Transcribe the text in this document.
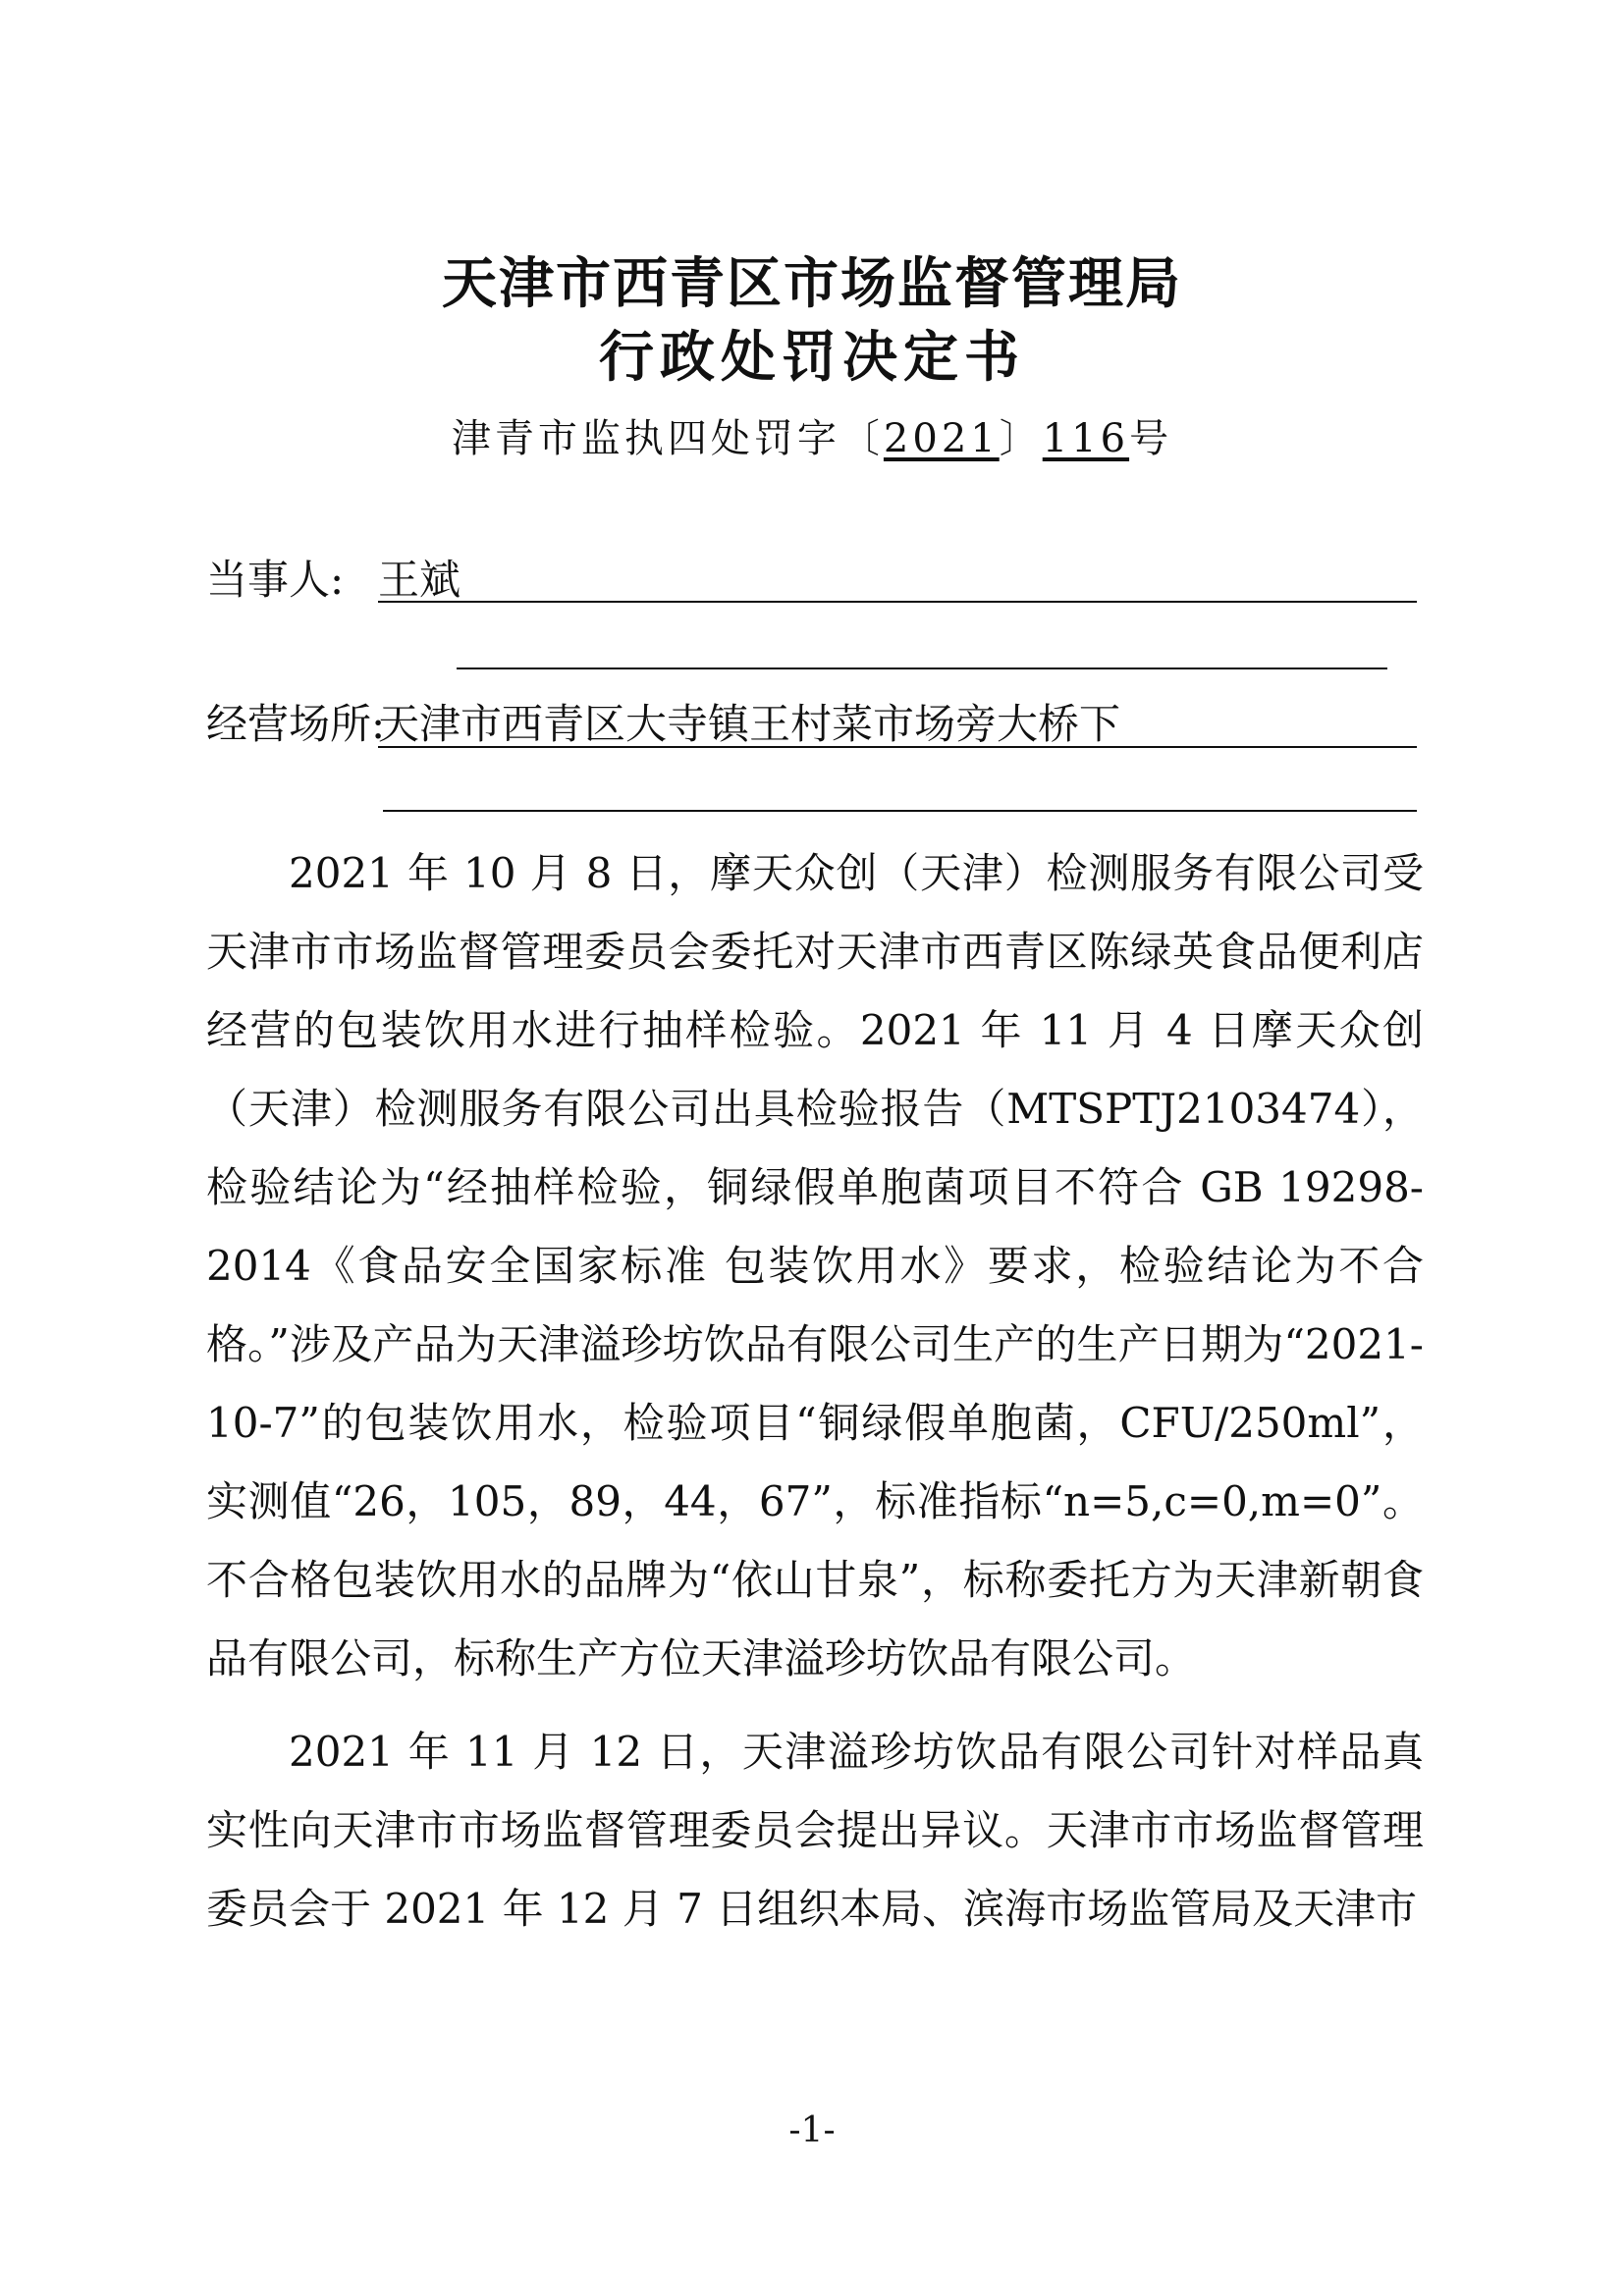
天津市西青区市场监督管理局
行政处罚决定书
津青市监执四处罚字〔2021〕116号
当事人: 王斌
经营场所:
天津市西青区大寺镇王村菜市场旁大桥下

2021 年 10 月 8 日，摩天众创（天津）检测服务有限公司受天津市市场监督管理委员会委托对天津市西青区陈绿英食品便利店经营的包装饮用水进行抽样检验。2021 年 11 月 4 日摩天众创（天津）检测服务有限公司出具检验报告（MTSPTJ2103474），检验结论为“经抽样检验，铜绿假单胞菌项目不符合 GB 19298-2014《食品安全国家标准 包装饮用水》要求，检验结论为不合格。”涉及产品为天津溢珍坊饮品有限公司生产的生产日期为“2021-10-7”的包装饮用水，检验项目“铜绿假单胞菌，CFU/250ml”，实测值“26，105，89，44，67”，标准指标“n=5,c=0,m=0”。不合格包装饮用水的品牌为“依山甘泉”，标称委托方为天津新朝食品有限公司，标称生产方位天津溢珍坊饮品有限公司。

2021 年 11 月 12 日，天津溢珍坊饮品有限公司针对样品真实性向天津市市场监督管理委员会提出异议。天津市市场监督管理委员会于 2021 年 12 月 7 日组织本局、滨海市场监管局及天津市

-1-
